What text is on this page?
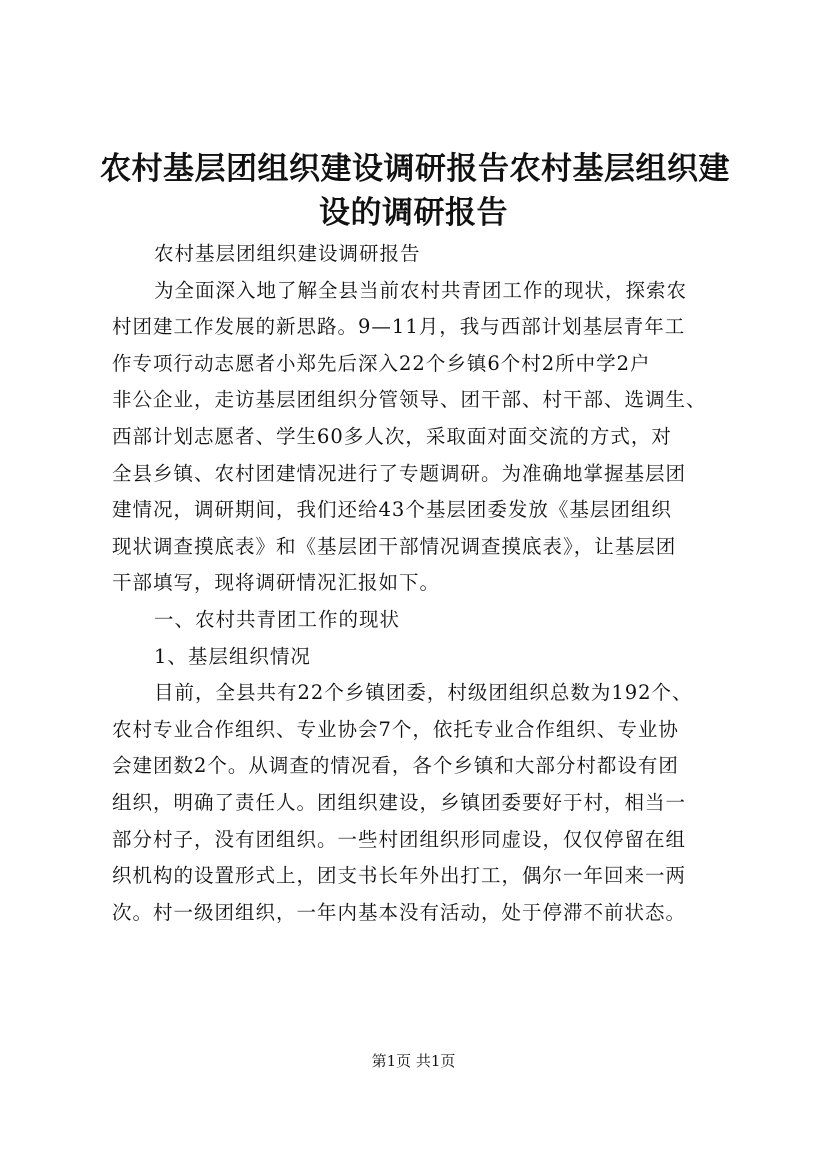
农村基层团组织建设调研报告农村基层组织建
设的调研报告
农村基层团组织建设调研报告
为全面深入地了解全县当前农村共青团工作的现状，探索农
村团建工作发展的新思路。9—11月，我与西部计划基层青年工
作专项行动志愿者小郑先后深入22个乡镇6个村2所中学2户
非公企业，走访基层团组织分管领导、团干部、村干部、选调生、
西部计划志愿者、学生60多人次，采取面对面交流的方式，对
全县乡镇、农村团建情况进行了专题调研。为准确地掌握基层团
建情况，调研期间，我们还给43个基层团委发放《基层团组织
现状调查摸底表》和《基层团干部情况调查摸底表》，让基层团
干部填写，现将调研情况汇报如下。
一、农村共青团工作的现状
1、基层组织情况
目前，全县共有22个乡镇团委，村级团组织总数为192个、
农村专业合作组织、专业协会7个，依托专业合作组织、专业协
会建团数2个。从调查的情况看，各个乡镇和大部分村都设有团
组织，明确了责任人。团组织建设，乡镇团委要好于村，相当一
部分村子，没有团组织。一些村团组织形同虚设，仅仅停留在组
织机构的设置形式上，团支书长年外出打工，偶尔一年回来一两
次。村一级团组织，一年内基本没有活动，处于停滞不前状态。
第1页 共1页
